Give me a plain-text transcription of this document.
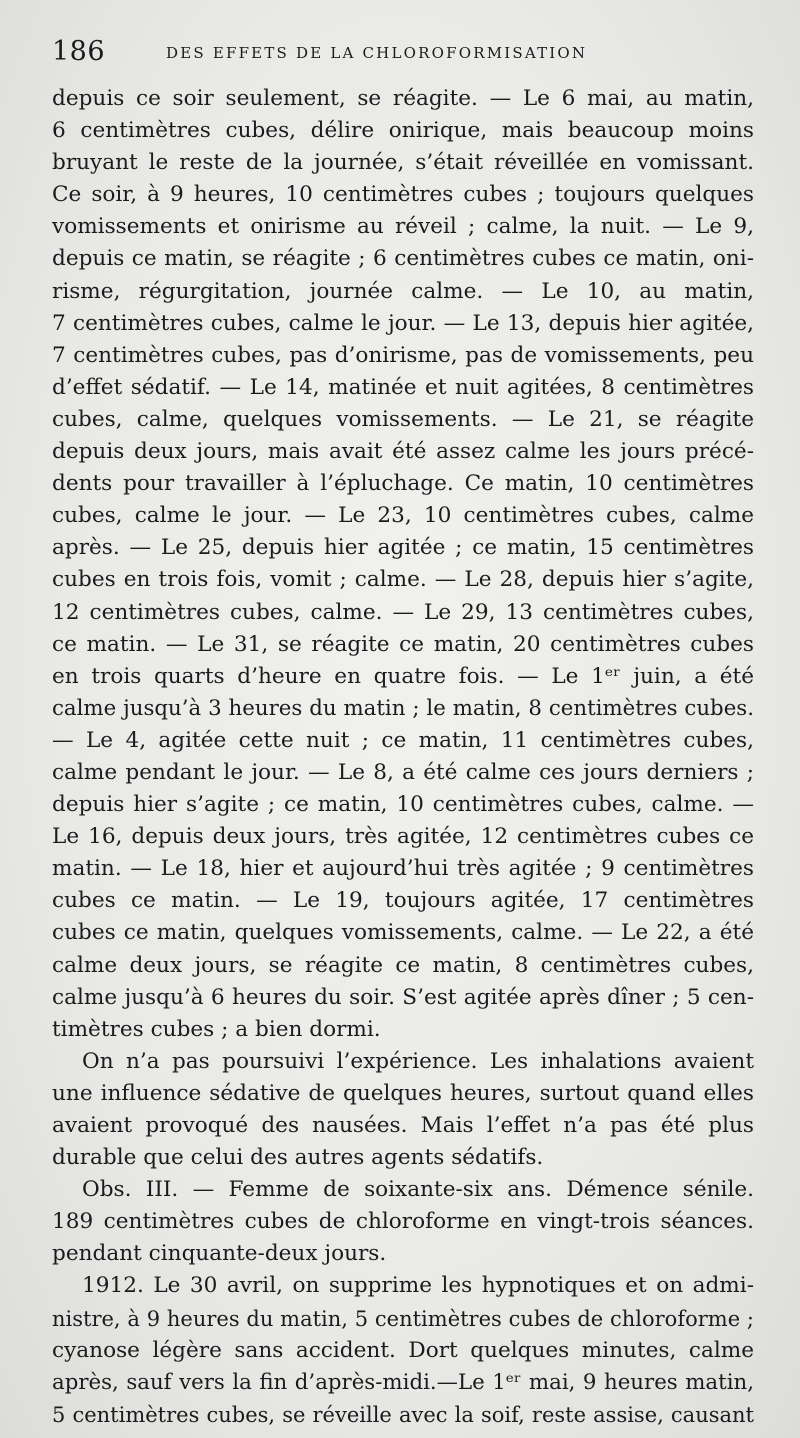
186	DES EFFETS DE LA CHLOROFORMISATION
depuis ce soir seulement, se réagite. — Le 6 mai, au matin,
6 centimètres cubes, délire onirique, mais beaucoup moins
bruyant le reste de la journée, s’était réveillée en vomissant.
Ce soir, à 9 heures, 10 centimètres cubes ; toujours quelques
vomissements et onirisme au réveil ; calme, la nuit. — Le 9,
depuis ce matin, se réagite ; 6 centimètres cubes ce matin, oni-
risme, régurgitation, journée calme. — Le 10, au matin,
7 centimètres cubes, calme le jour. — Le 13, depuis hier agitée,
7 centimètres cubes, pas d’onirisme, pas de vomissements, peu
d’effet sédatif. — Le 14, matinée et nuit agitées, 8 centimètres
cubes, calme, quelques vomissements. — Le 21, se réagite
depuis deux jours, mais avait été assez calme les jours précé-
dents pour travailler à l’épluchage. Ce matin, 10 centimètres
cubes, calme le jour. — Le 23, 10 centimètres cubes, calme
après. — Le 25, depuis hier agitée ; ce matin, 15 centimètres
cubes en trois fois, vomit ; calme. — Le 28, depuis hier s’agite,
12 centimètres cubes, calme. — Le 29, 13 centimètres cubes,
ce matin. — Le 31, se réagite ce matin, 20 centimètres cubes
en trois quarts d’heure en quatre fois. — Le 1ᵉʳ juin, a été
calme jusqu’à 3 heures du matin ; le matin, 8 centimètres cubes.
— Le 4, agitée cette nuit ; ce matin, 11 centimètres cubes,
calme pendant le jour. — Le 8, a été calme ces jours derniers ;
depuis hier s’agite ; ce matin, 10 centimètres cubes, calme. —
Le 16, depuis deux jours, très agitée, 12 centimètres cubes ce
matin. — Le 18, hier et aujourd’hui très agitée ; 9 centimètres
cubes ce matin. — Le 19, toujours agitée, 17 centimètres
cubes ce matin, quelques vomissements, calme. — Le 22, a été
calme deux jours, se réagite ce matin, 8 centimètres cubes,
calme jusqu’à 6 heures du soir. S’est agitée après dîner ; 5 cen-
timètres cubes ; a bien dormi.
On n’a pas poursuivi l’expérience. Les inhalations avaient
une influence sédative de quelques heures, surtout quand elles
avaient provoqué des nausées. Mais l’effet n’a pas été plus
durable que celui des autres agents sédatifs.
Obs. III. — Femme de soixante-six ans. Démence sénile.
189 centimètres cubes de chloroforme en vingt-trois séances.
pendant cinquante-deux jours.
1912. Le 30 avril, on supprime les hypnotiques et on admi-
nistre, à 9 heures du matin, 5 centimètres cubes de chloroforme ;
cyanose légère sans accident. Dort quelques minutes, calme
après, sauf vers la fin d’après-midi.—Le 1ᵉʳ mai, 9 heures matin,
5 centimètres cubes, se réveille avec la soif, reste assise, causant
